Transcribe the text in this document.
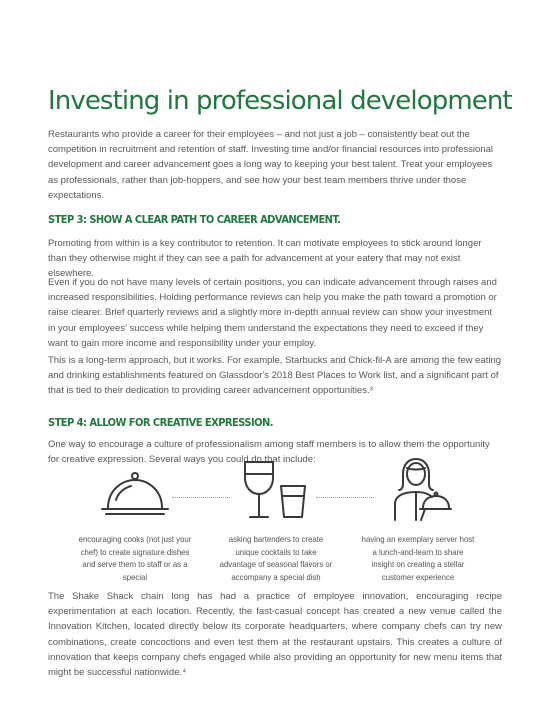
Investing in professional development

Restaurants who provide a career for their employees – and not just a job – consistently beat out the competition in recruitment and retention of staff. Investing time and/or financial resources into professional development and career advancement goes a long way to keeping your best talent. Treat your employees as professionals, rather than job-hoppers, and see how your best team members thrive under those expectations.

STEP 3: SHOW A CLEAR PATH TO CAREER ADVANCEMENT.

Promoting from within is a key contributor to retention. It can motivate employees to stick around longer than they otherwise might if they can see a path for advancement at your eatery that may not exist elsewhere.

Even if you do not have many levels of certain positions, you can indicate advancement through raises and increased responsibilities. Holding performance reviews can help you make the path toward a promotion or raise clearer. Brief quarterly reviews and a slightly more in-depth annual review can show your investment in your employees' success while helping them understand the expectations they need to exceed if they want to gain more income and responsibility under your employ.

This is a long-term approach, but it works. For example, Starbucks and Chick-fil-A are among the few eating and drinking establishments featured on Glassdoor's 2018 Best Places to Work list, and a significant part of that is tied to their dedication to providing career advancement opportunities.³

STEP 4: ALLOW FOR CREATIVE EXPRESSION.

One way to encourage a culture of professionalism among staff members is to allow them the opportunity for creative expression. Several ways you could do that include:

encouraging cooks (not just your chef) to create signature dishes and serve them to staff or as a special
asking bartenders to create unique cocktails to take advantage of seasonal flavors or accompany a special dish
having an exemplary server host a lunch-and-learn to share insight on creating a stellar customer experience

The Shake Shack chain long has had a practice of employee innovation, encouraging recipe experimentation at each location. Recently, the fast-casual concept has created a new venue called the Innovation Kitchen, located directly below its corporate headquarters, where company chefs can try new combinations, create concoctions and even test them at the restaurant upstairs. This creates a culture of innovation that keeps company chefs engaged while also providing an opportunity for new menu items that might be successful nationwide.⁴
